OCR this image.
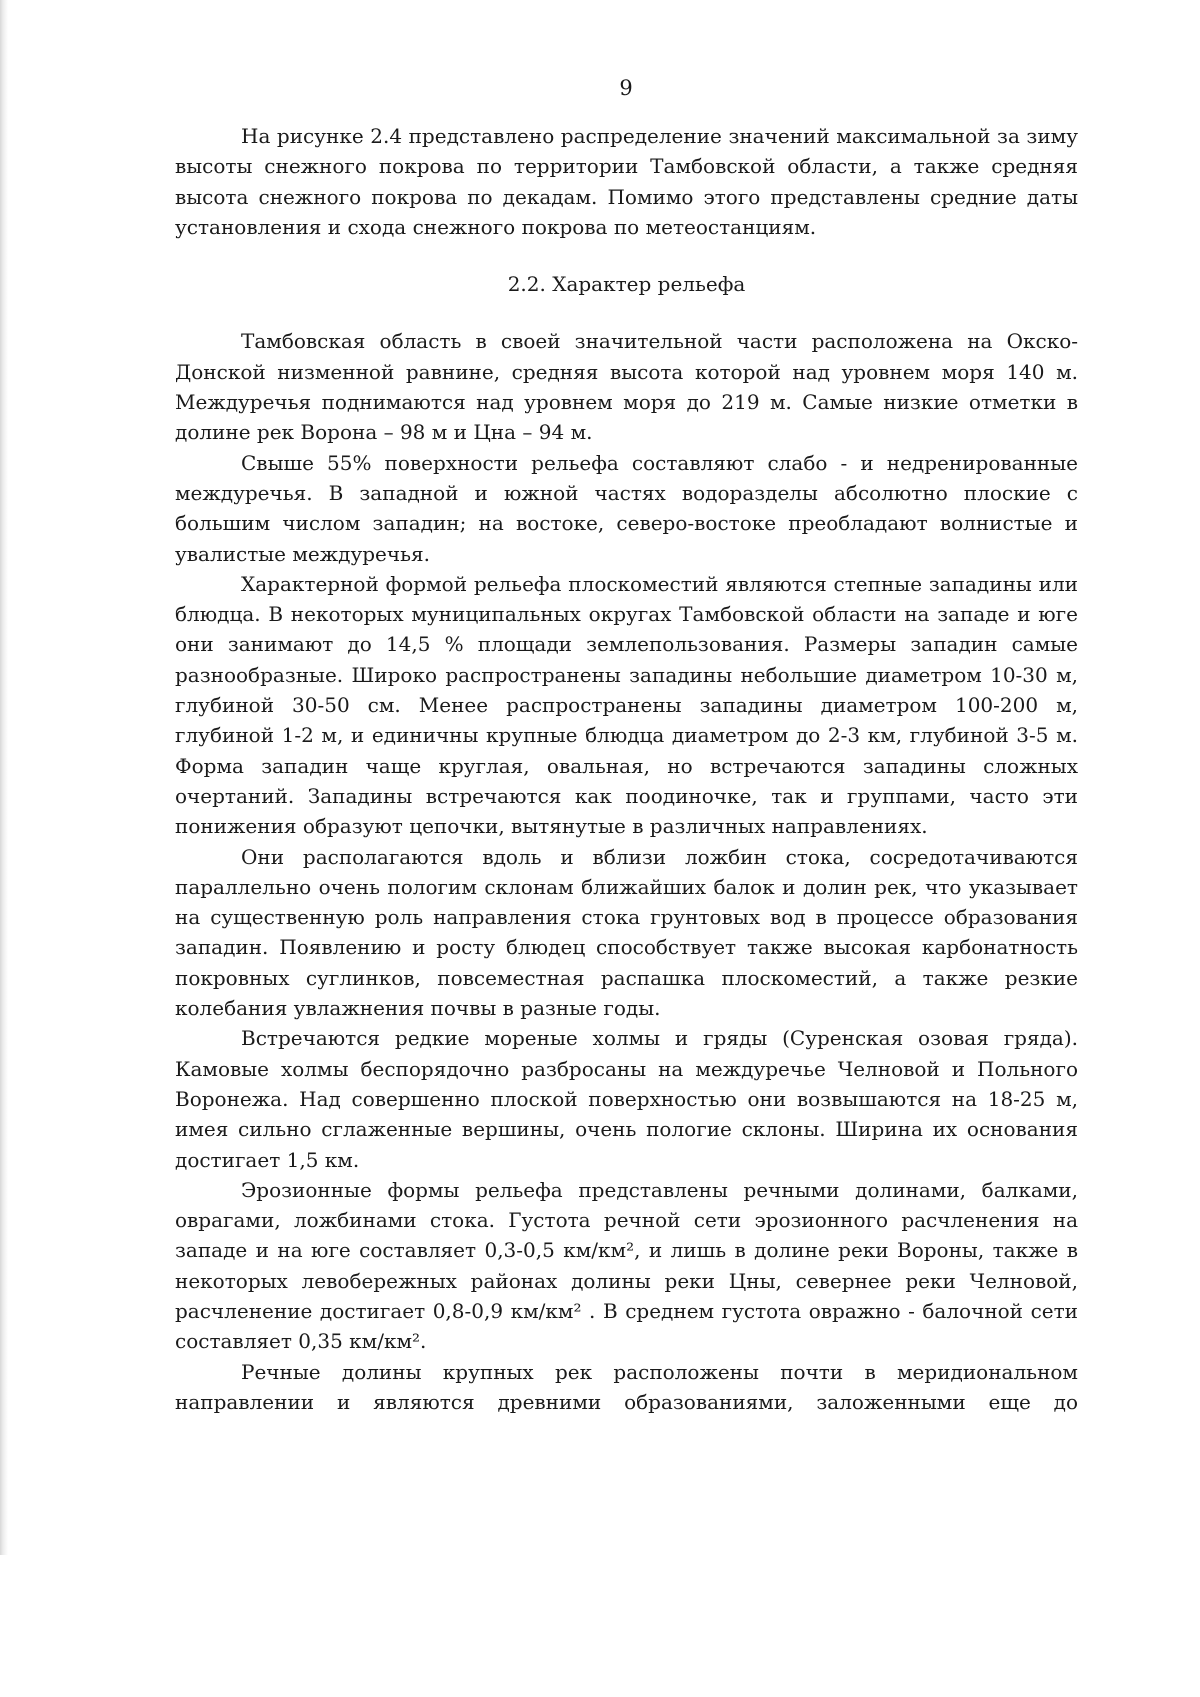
9

На рисунке 2.4 представлено распределение значений максимальной за зиму высоты снежного покрова по территории Тамбовской области, а также средняя высота снежного покрова по декадам. Помимо этого представлены средние даты установления и схода снежного покрова по метеостанциям.

2.2. Характер рельефа

Тамбовская область в своей значительной части расположена на Окско-Донской низменной равнине, средняя высота которой над уровнем моря 140 м. Междуречья поднимаются над уровнем моря до 219 м. Самые низкие отметки в долине рек Ворона – 98 м и Цна – 94 м.

Свыше 55% поверхности рельефа составляют слабо - и недренированные междуречья. В западной и южной частях водоразделы абсолютно плоские с большим числом западин; на востоке, северо-востоке преобладают волнистые и увалистые междуречья.

Характерной формой рельефа плоскоместий являются степные западины или блюдца. В некоторых муниципальных округах Тамбовской области на западе и юге они занимают до 14,5 % площади землепользования. Размеры западин самые разнообразные. Широко распространены западины небольшие диаметром 10-30 м, глубиной 30-50 см. Менее распространены западины диаметром 100-200 м, глубиной 1-2 м, и единичны крупные блюдца диаметром до 2-3 км, глубиной 3-5 м. Форма западин чаще круглая, овальная, но встречаются западины сложных очертаний. Западины встречаются как поодиночке, так и группами, часто эти понижения образуют цепочки, вытянутые в различных направлениях.

Они располагаются вдоль и вблизи ложбин стока, сосредотачиваются параллельно очень пологим склонам ближайших балок и долин рек, что указывает на существенную роль направления стока грунтовых вод в процессе образования западин. Появлению и росту блюдец способствует также высокая карбонатность покровных суглинков, повсеместная распашка плоскоместий, а также резкие колебания увлажнения почвы в разные годы.

Встречаются редкие мореные холмы и гряды (Суренская озовая гряда). Камовые холмы беспорядочно разбросаны на междуречье Челновой и Польного Воронежа. Над совершенно плоской поверхностью они возвышаются на 18-25 м, имея сильно сглаженные вершины, очень пологие склоны. Ширина их основания достигает 1,5 км.

Эрозионные формы рельефа представлены речными долинами, балками, оврагами, ложбинами стока. Густота речной сети эрозионного расчленения на западе и на юге составляет 0,3-0,5 км/км², и лишь в долине реки Вороны, также в некоторых левобережных районах долины реки Цны, севернее реки Челновой, расчленение достигает 0,8-0,9 км/км² . В среднем густота овражно - балочной сети составляет 0,35 км/км².

Речные долины крупных рек расположены почти в меридиональном направлении и являются древними образованиями, заложенными еще до
